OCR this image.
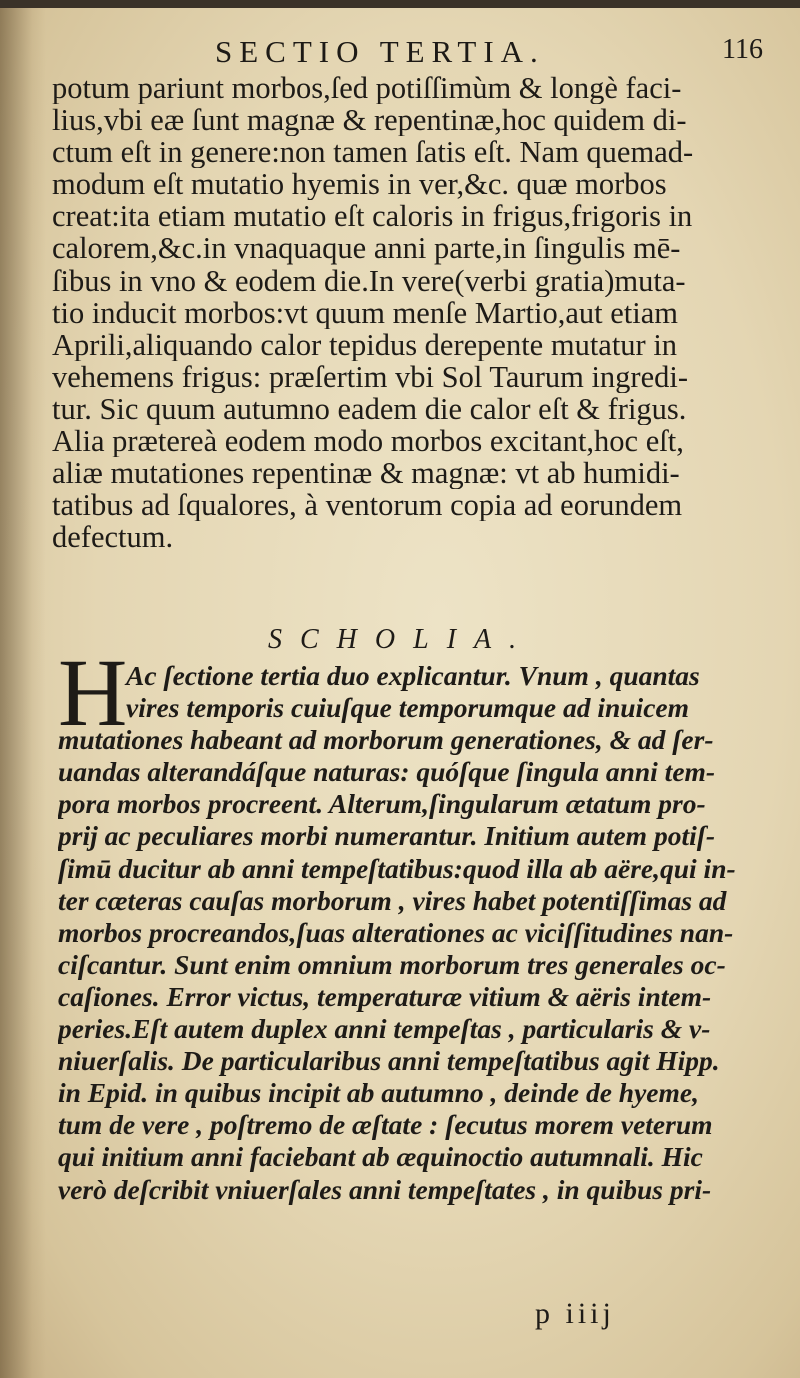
SECTIO TERTIA.	116
potum pariunt morbos,ſed potiſſimùm & longè faci-
lius,vbi eæ ſunt magnæ & repentinæ,hoc quidem di-
ctum eſt in genere:non tamen ſatis eſt. Nam quemad-
modum eſt mutatio hyemis in ver,&c. quæ morbos
creat:ita etiam mutatio eſt caloris in frigus,frigoris in
calorem,&c.in vnaquaque anni parte,in ſingulis mē-
ſibus in vno & eodem die.In vere(verbi gratia)muta-
tio inducit morbos:vt quum menſe Martio,aut etiam
Aprili,aliquando calor tepidus derepente mutatur in
vehemens frigus: præſertim vbi Sol Taurum ingredi-
tur. Sic quum autumno eadem die calor eſt & frigus.
Alia prætereà eodem modo morbos excitant,hoc eſt,
aliæ mutationes repentinæ & magnæ: vt ab humidi-
tatibus ad ſqualores, à ventorum copia ad eorundem
defectum.
SCHOLIA.
H
Ac ſectione tertia duo explicantur. Vnum , quantas
vires temporis cuiuſque temporumque ad inuicem
mutationes habeant ad morborum generationes, & ad ſer-
uandas alterandáſque naturas: quóſque ſingula anni tem-
pora morbos procreent. Alterum,ſingularum ætatum pro-
prij ac peculiares morbi numerantur. Initium autem potiſ-
ſimū ducitur ab anni tempeſtatibus:quod illa ab aëre,qui in-
ter cæteras cauſas morborum , vires habet potentiſſimas ad
morbos procreandos,ſuas alterationes ac viciſſitudines nan-
ciſcantur. Sunt enim omnium morborum tres generales oc-
caſiones. Error victus, temperaturæ vitium & aëris intem-
peries.Eſt autem duplex anni tempeſtas , particularis & v-
niuerſalis. De particularibus anni tempeſtatibus agit Hipp.
in Epid. in quibus incipit ab autumno , deinde de hyeme,
tum de vere , poſtremo de æſtate : ſecutus morem veterum
qui initium anni faciebant ab æquinoctio autumnali. Hic
verò deſcribit vniuerſales anni tempeſtates , in quibus pri-
p iiij
